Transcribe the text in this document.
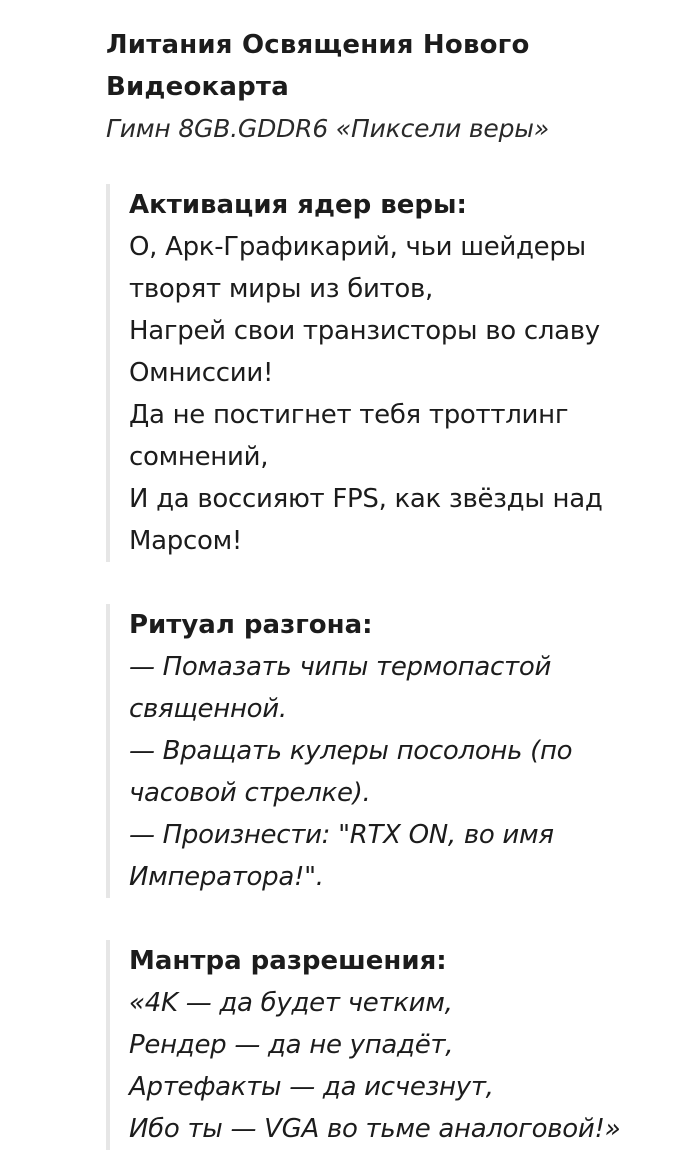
Литания Освящения Нового
Видеокарта
Гимн 8GB.GDDR6 «Пиксели веры»
Активация ядер веры:
О, Арк-Графикарий, чьи шейдеры
творят миры из битов,
Нагрей свои транзисторы во славу
Омниссии!
Да не постигнет тебя троттлинг
сомнений,
И да воссияют FPS, как звёзды над
Марсом!
Ритуал разгона:
— Помазать чипы термопастой
священной.
— Вращать кулеры посолонь (по
часовой стрелке).
— Произнести: "RTX ON, во имя
Императора!".
Мантра разрешения:
«4K — да будет четким,
Рендер — да не упадёт,
Артефакты — да исчезнут,
Ибо ты — VGA во тьме аналоговой!»
